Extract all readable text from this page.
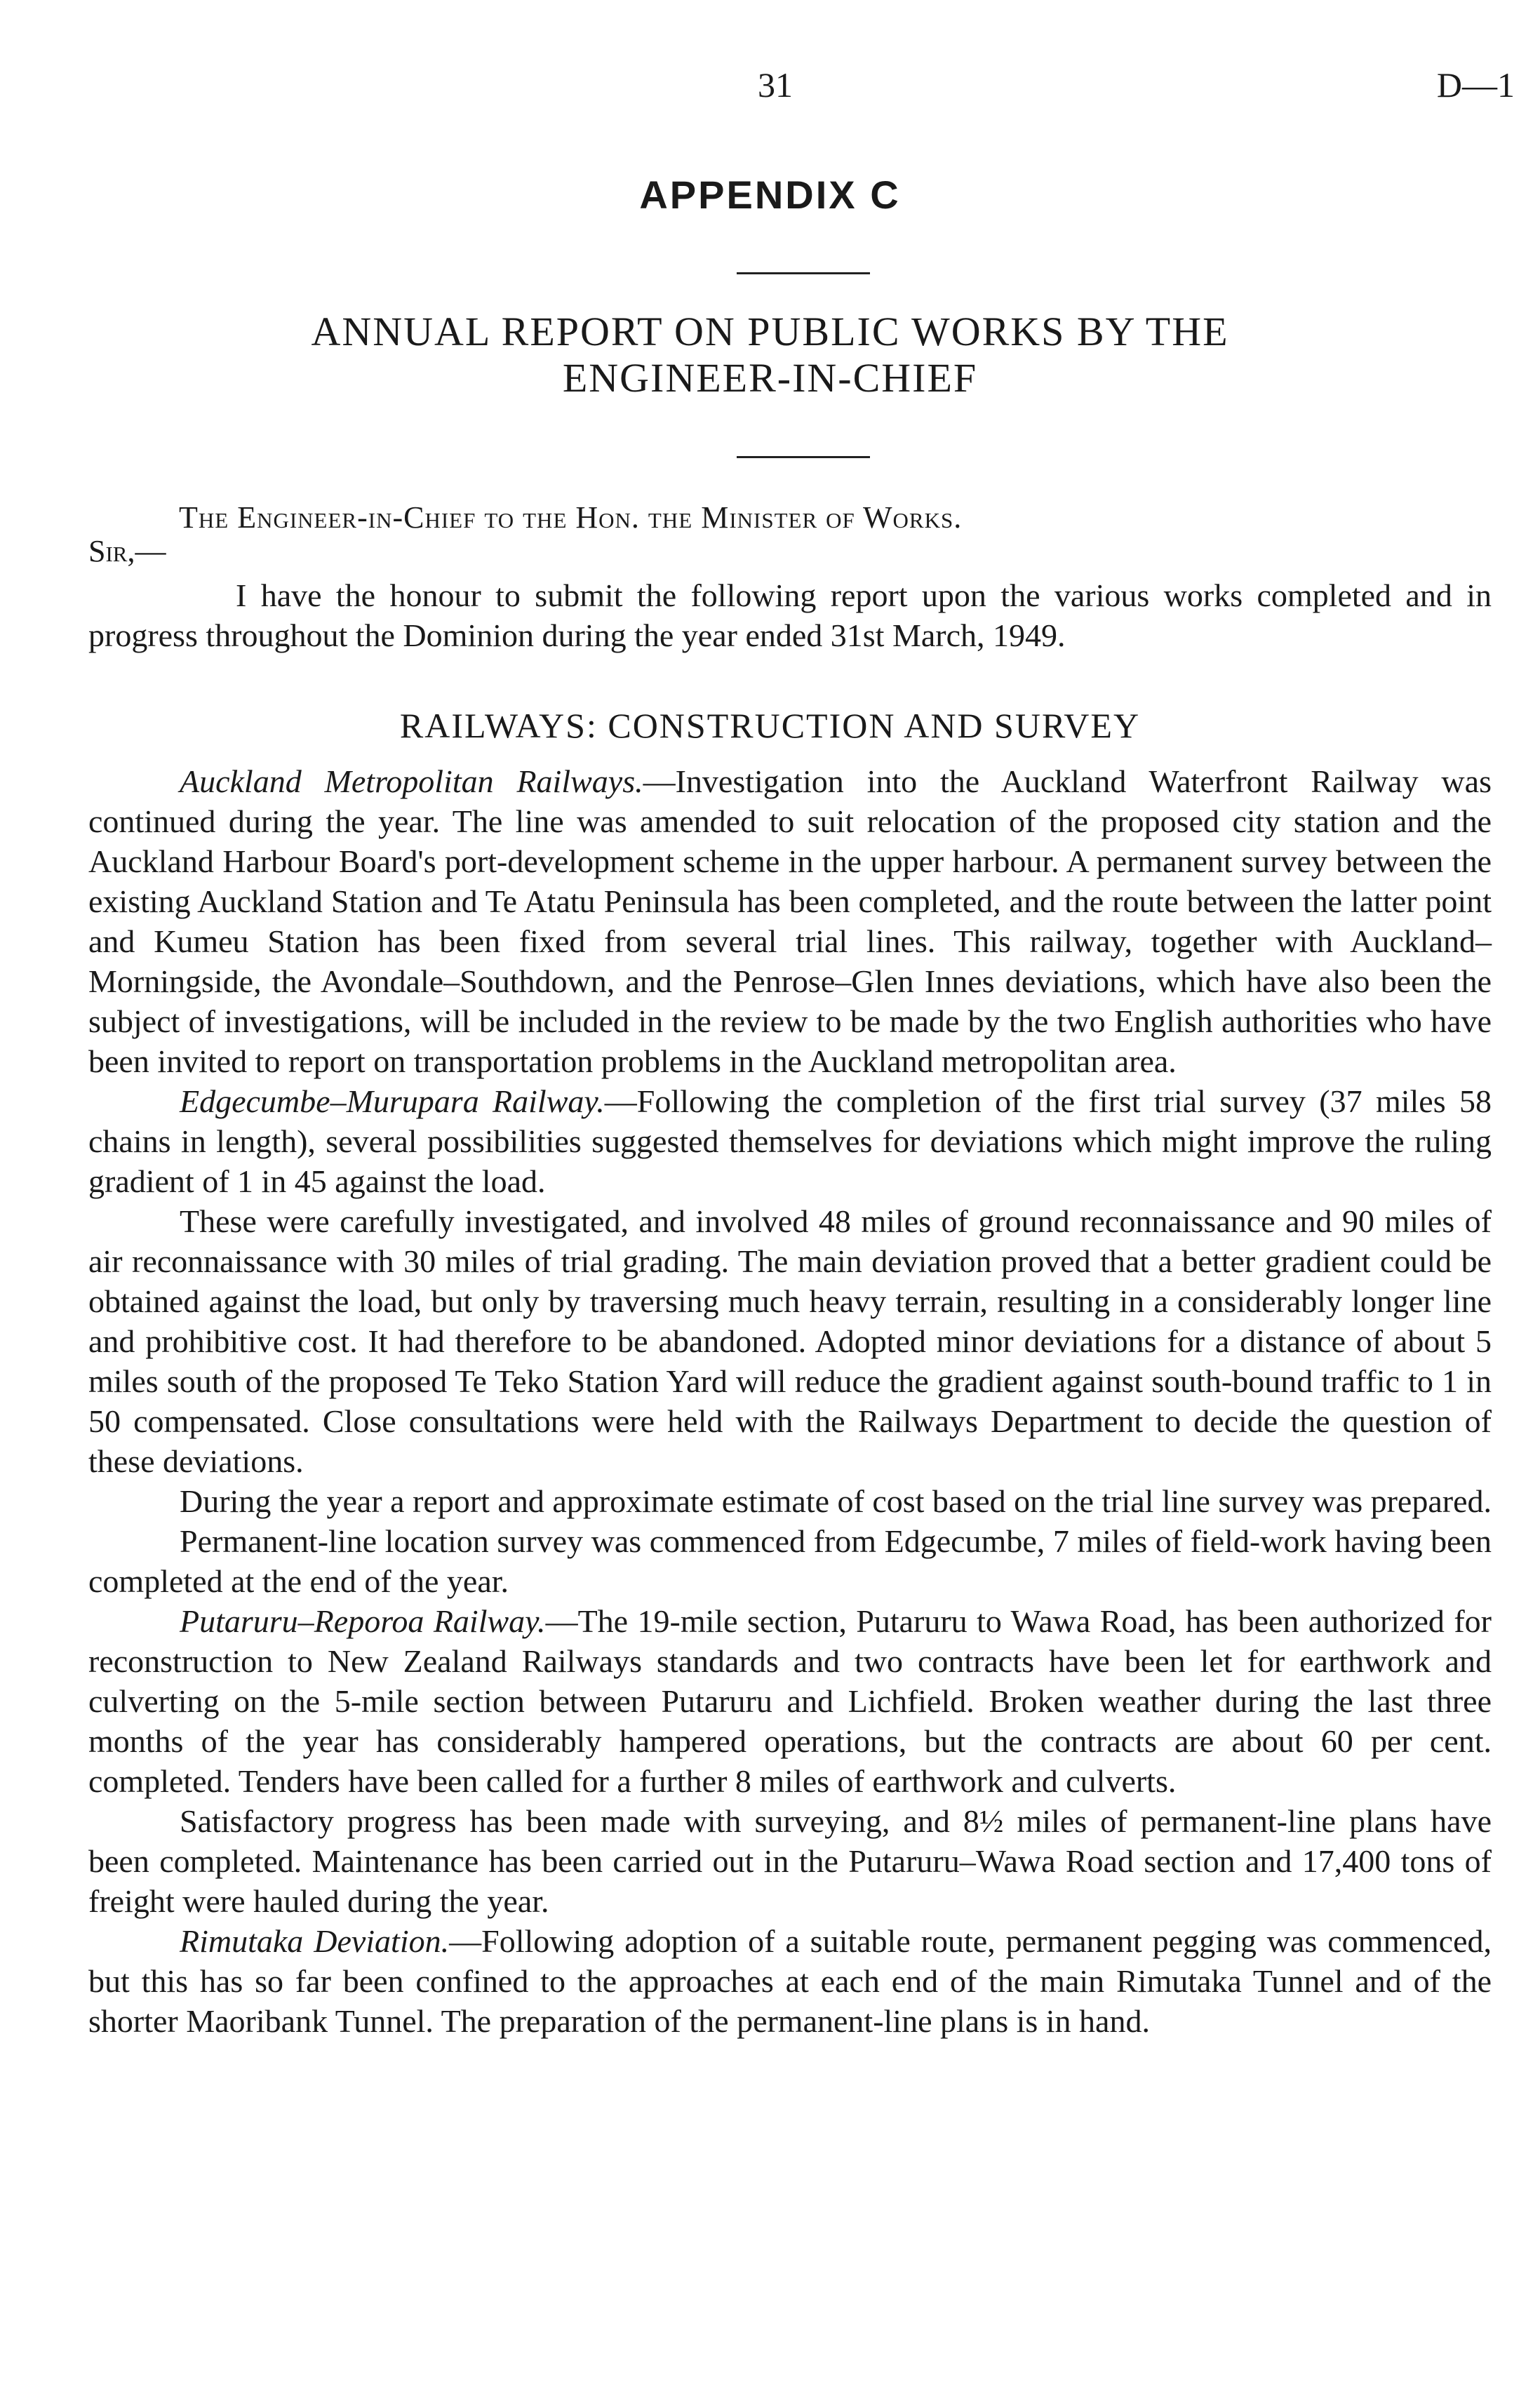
31	D—1
APPENDIX C
ANNUAL REPORT ON PUBLIC WORKS BY THE
ENGINEER-IN-CHIEF
The Engineer-in-Chief to the Hon. the Minister of Works.
Sir,—

I have the honour to submit the following report upon the various works completed and in progress throughout the Dominion during the year ended 31st March, 1949.

RAILWAYS: CONSTRUCTION AND SURVEY

Auckland Metropolitan Railways.—Investigation into the Auckland Waterfront Railway was continued during the year. The line was amended to suit relocation of the proposed city station and the Auckland Harbour Board's port-development scheme in the upper harbour. A permanent survey between the existing Auckland Station and Te Atatu Peninsula has been completed, and the route between the latter point and Kumeu Station has been fixed from several trial lines. This railway, together with Auckland–Morningside, the Avondale–Southdown, and the Penrose–Glen Innes deviations, which have also been the subject of investigations, will be included in the review to be made by the two English authorities who have been invited to report on transportation problems in the Auckland metropolitan area.

Edgecumbe–Murupara Railway.—Following the completion of the first trial survey (37 miles 58 chains in length), several possibilities suggested themselves for deviations which might improve the ruling gradient of 1 in 45 against the load.

These were carefully investigated, and involved 48 miles of ground reconnaissance and 90 miles of air reconnaissance with 30 miles of trial grading. The main deviation proved that a better gradient could be obtained against the load, but only by traversing much heavy terrain, resulting in a considerably longer line and prohibitive cost. It had therefore to be abandoned. Adopted minor deviations for a distance of about 5 miles south of the proposed Te Teko Station Yard will reduce the gradient against south-bound traffic to 1 in 50 compensated. Close consultations were held with the Railways Department to decide the question of these deviations.

During the year a report and approximate estimate of cost based on the trial line survey was prepared.

Permanent-line location survey was commenced from Edgecumbe, 7 miles of field-work having been completed at the end of the year.

Putaruru–Reporoa Railway.—The 19-mile section, Putaruru to Wawa Road, has been authorized for reconstruction to New Zealand Railways standards and two contracts have been let for earthwork and culverting on the 5-mile section between Putaruru and Lichfield. Broken weather during the last three months of the year has considerably hampered operations, but the contracts are about 60 per cent. completed. Tenders have been called for a further 8 miles of earthwork and culverts.

Satisfactory progress has been made with surveying, and 8½ miles of permanent-line plans have been completed. Maintenance has been carried out in the Putaruru–Wawa Road section and 17,400 tons of freight were hauled during the year.

Rimutaka Deviation.—Following adoption of a suitable route, permanent pegging was commenced, but this has so far been confined to the approaches at each end of the main Rimutaka Tunnel and of the shorter Maoribank Tunnel. The preparation of the permanent-line plans is in hand.
